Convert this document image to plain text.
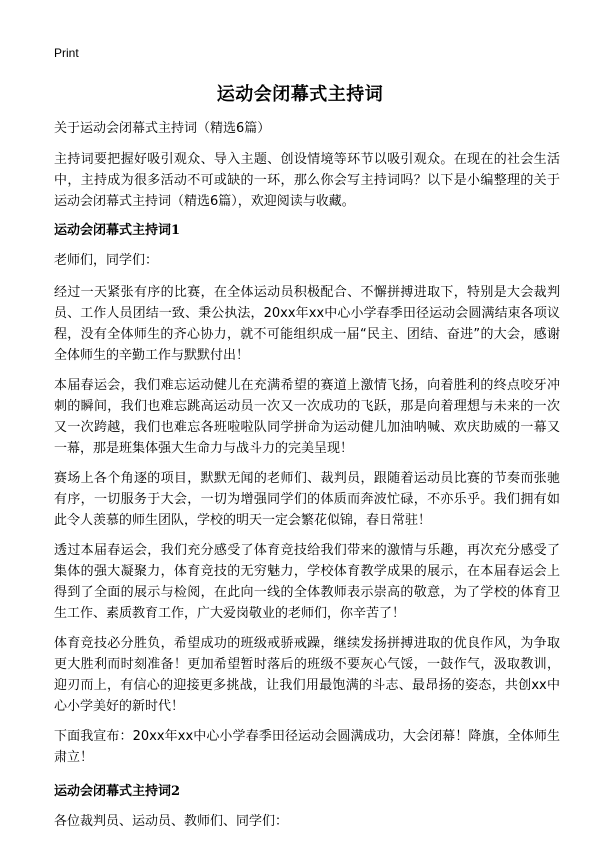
Print
运动会闭幕式主持词
关于运动会闭幕式主持词（精选6篇）
主持词要把握好吸引观众、导入主题、创设情境等环节以吸引观众。在现在的社会生活中，主持成为很多活动不可或缺的一环，那么你会写主持词吗？以下是小编整理的关于运动会闭幕式主持词（精选6篇），欢迎阅读与收藏。
运动会闭幕式主持词1
老师们，同学们：
经过一天紧张有序的比赛，在全体运动员积极配合、不懈拼搏进取下，特别是大会裁判员、工作人员团结一致、秉公执法，20xx年xx中心小学春季田径运动会圆满结束各项议程，没有全体师生的齐心协力，就不可能组织成一届“民主、团结、奋进”的大会，感谢全体师生的辛勤工作与默默付出！
本届春运会，我们难忘运动健儿在充满希望的赛道上激情飞扬，向着胜利的终点咬牙冲刺的瞬间，我们也难忘跳高运动员一次又一次成功的飞跃，那是向着理想与未来的一次又一次跨越，我们也难忘各班啦啦队同学拼命为运动健儿加油呐喊、欢庆助威的一幕又一幕，那是班集体强大生命力与战斗力的完美呈现！
赛场上各个角逐的项目，默默无闻的老师们、裁判员，跟随着运动员比赛的节奏而张驰有序，一切服务于大会，一切为增强同学们的体质而奔波忙碌，不亦乐乎。我们拥有如此令人羡慕的师生团队，学校的明天一定会繁花似锦，春日常驻！
透过本届春运会，我们充分感受了体育竞技给我们带来的激情与乐趣，再次充分感受了集体的强大凝聚力，体育竞技的无穷魅力，学校体育教学成果的展示，在本届春运会上得到了全面的展示与检阅，在此向一线的全体教师表示崇高的敬意，为了学校的体育卫生工作、素质教育工作，广大爱岗敬业的老师们，你辛苦了！
体育竞技必分胜负，希望成功的班级戒骄戒躁，继续发扬拼搏进取的优良作风，为争取更大胜利而时刻准备！更加希望暂时落后的班级不要灰心气馁，一鼓作气，汲取教训，迎刃而上，有信心的迎接更多挑战，让我们用最饱满的斗志、最昂扬的姿态，共创xx中心小学美好的新时代！
下面我宣布：20xx年xx中心小学春季田径运动会圆满成功，大会闭幕！降旗，全体师生肃立！
运动会闭幕式主持词2
各位裁判员、运动员、教师们、同学们：
